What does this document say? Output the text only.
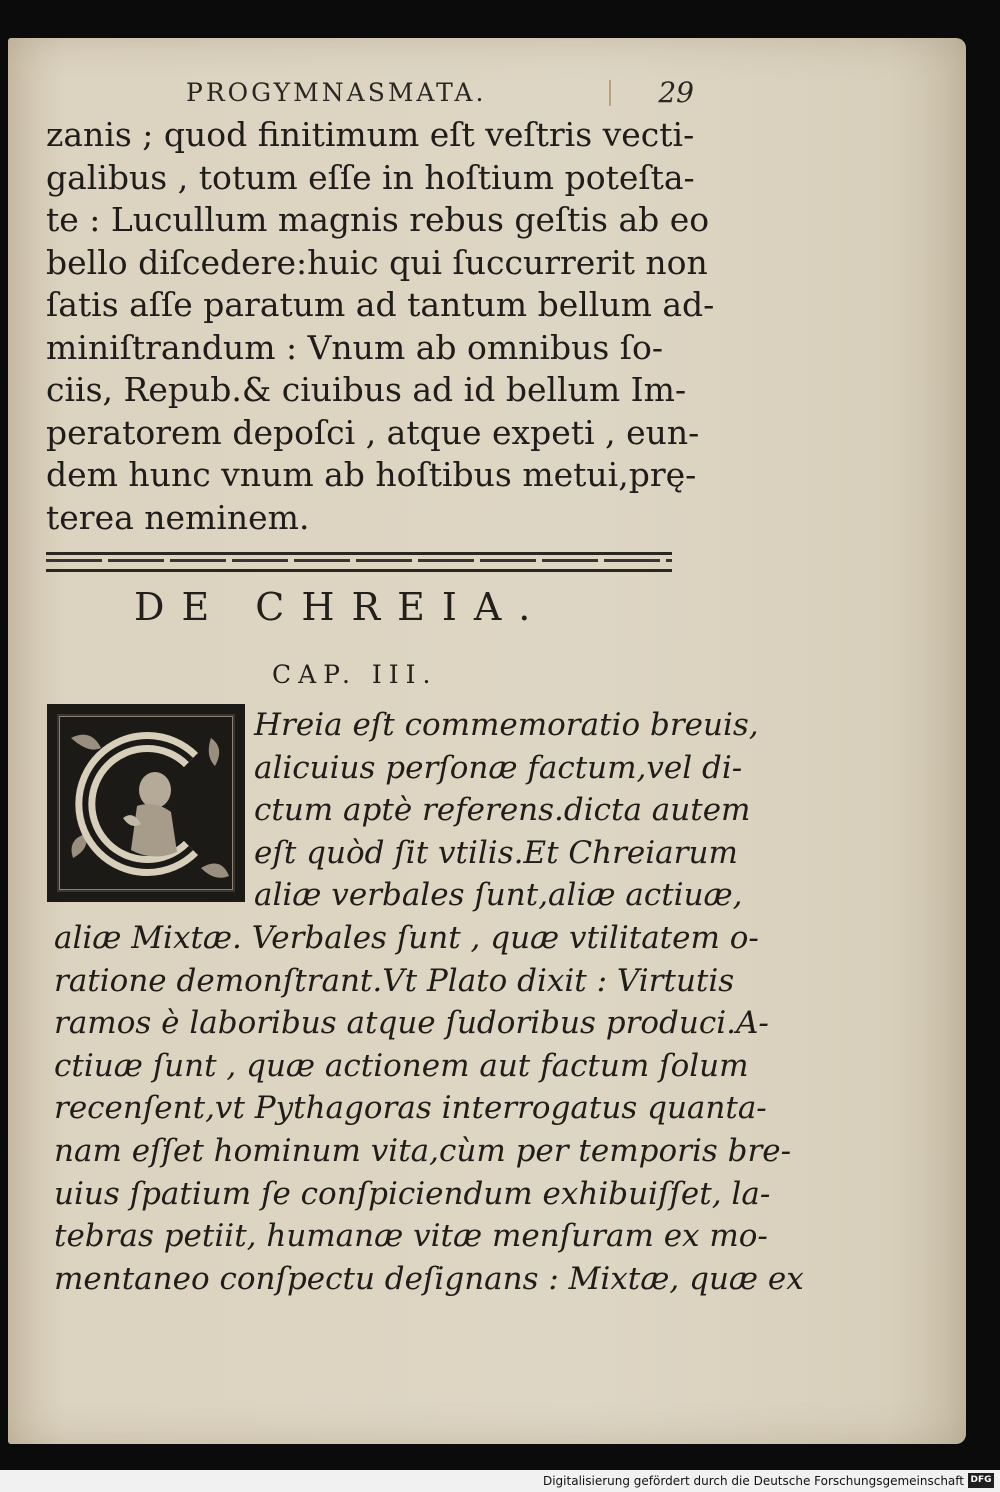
PROGYMNASMATA.	29
zanis ; quod finitimum eſt veſtris vecti-
galibus , totum eſſe in hoſtium poteſta-
te : Lucullum magnis rebus geſtis ab eo
bello diſcedere:huic qui ſuccurrerit non
ſatis aſſe paratum ad tantum bellum ad-
miniſtrandum : Vnum ab omnibus ſo-
ciis, Repub.& ciuibus ad id bellum Im-
peratorem depoſci , atque expeti , eun-
dem hunc vnum ab hoſtibus metui,prę-
terea neminem.
DE CHREIA.
CAP. III.
Hreia eſt commemoratio breuis,
alicuius perſonæ factum,vel di-
ctum aptè referens.dicta autem
eſt quòd ſit vtilis.Et Chreiarum
aliæ verbales ſunt,aliæ actiuæ,
aliæ Mixtæ. Verbales ſunt , quæ vtilitatem o-
ratione demonſtrant.Vt Plato dixit : Virtutis
ramos è laboribus atque ſudoribus produci.A-
ctiuæ ſunt , quæ actionem aut factum ſolum
recenſent,vt Pythagoras interrogatus quanta-
nam eſſet hominum vita,cùm per temporis bre-
uius ſpatium ſe conſpiciendum exhibuiſſet, la-
tebras petiit, humanæ vitæ menſuram ex mo-
mentaneo conſpectu deſignans : Mixtæ, quæ ex
Digitalisierung gefördert durch die Deutsche Forschungsgemeinschaft DFG
